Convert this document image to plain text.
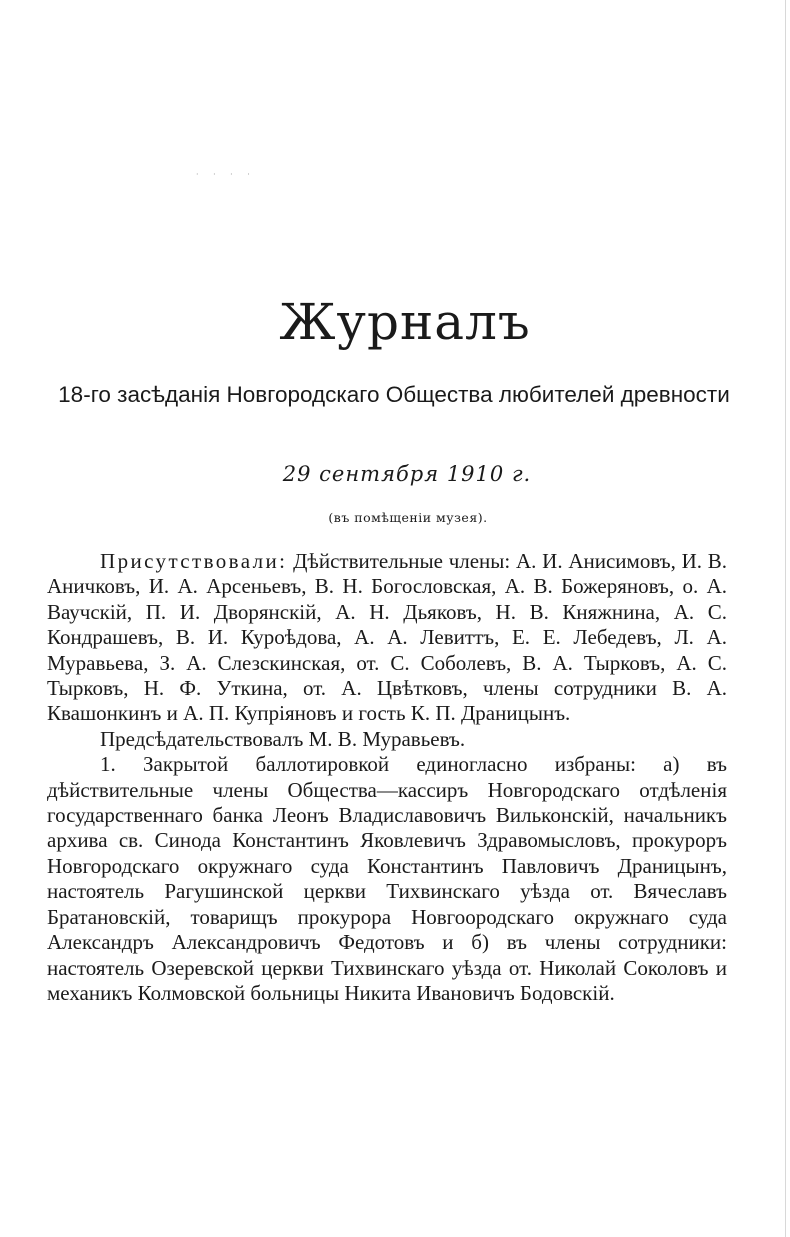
· · · ·
Журналъ
18-го засѣданія Новгородскаго Общества любителей древности
29 сентября 1910 г.
(въ помѣщеніи музея).

Присутствовали: Дѣйствительные члены: А. И. Анисимовъ, И. В. Аничковъ, И. А. Арсеньевъ, В. Н. Богословская, А. В. Божеряновъ, о. А. Ваучскій, П. И. Дворянскій, А. Н. Дьяковъ, Н. В. Княжнина, А. С. Кондрашевъ, В. И. Куроѣдова, А. А. Левиттъ, Е. Е. Лебедевъ, Л. А. Муравьева, З. А. Слезскинская, от. С. Соболевъ, В. А. Тырковъ, А. С. Тырковъ, Н. Ф. Уткина, от. А. Цвѣтковъ, члены сотрудники В. А. Квашонкинъ и А. П. Купріяновъ и гость К. П. Драницынъ.

Предсѣдательствовалъ М. В. Муравьевъ.

1. Закрытой баллотировкой единогласно избраны: а) въ дѣйствительные члены Общества—кассиръ Новгородскаго отдѣленія государственнаго банка Леонъ Владиславовичъ Вильконскій, начальникъ архива св. Синода Константинъ Яковлевичъ Здравомысловъ, прокуроръ Новгородскаго окружнаго суда Константинъ Павловичъ Драницынъ, настоятель Рагушинской церкви Тихвинскаго уѣзда от. Вячеславъ Братановскій, товарищъ прокурора Новгоородскаго окружнаго суда Александръ Александровичъ Федотовъ и б) въ члены сотрудники: настоятель Озеревской церкви Тихвинскаго уѣзда от. Николай Соколовъ и механикъ Колмовской больницы Никита Ивановичъ Бодовскій.
